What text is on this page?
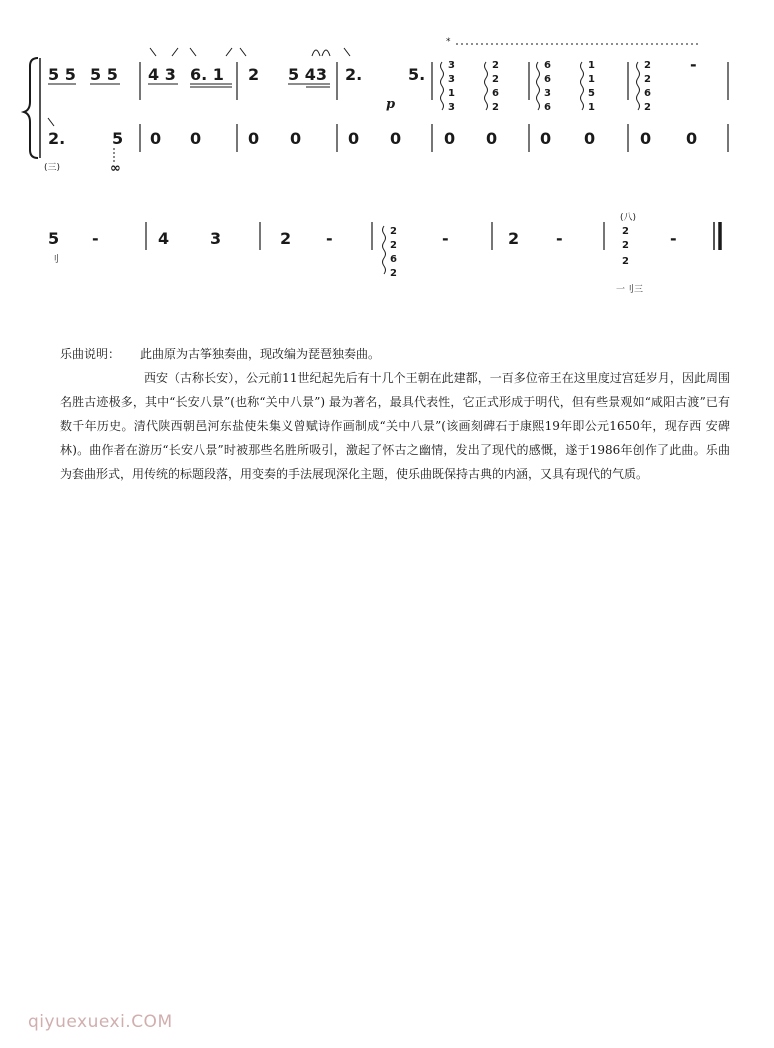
*
5 5 5 5 4 3 6. 1 2 5 43 2.	5.
p
3
3
1
3
2
2
6
2
6
6
3
6
1
1
5
1
2
2
6
2
-
2.	5 0 0	0 0	0 0	0 0	0 0	0 0
(三)	∞
5 -	4	3	2 -	2
2
6
2
-	2 -
(八)
2
2
2
-
刂
一刂三
乐曲说明：	此曲原为古筝独奏曲，现改编为琵琶独奏曲。

西安（古称长安），公元前11世纪起先后有十几个王朝在此建都，一百多位帝王在这里度过宫廷岁月，因此周围名胜古迹极多，其中“长安八景”(也称“关中八景”) 最为著名，最具代表性，它正式形成于明代，但有些景观如“咸阳古渡”已有数千年历史。清代陕西朝邑河东盐使朱集义曾赋诗作画制成“关中八景”(该画刻碑石于康熙19年即公元1650年，现存西 安碑林)。曲作者在游历“长安八景”时被那些名胜所吸引，激起了怀古之幽情，发出了现代的感慨，遂于1986年创作了此曲。乐曲为套曲形式，用传统的标题段落，用变奏的手法展现深化主题，使乐曲既保持古典的内涵，又具有现代的气质。

qiyuexuexi.COM
